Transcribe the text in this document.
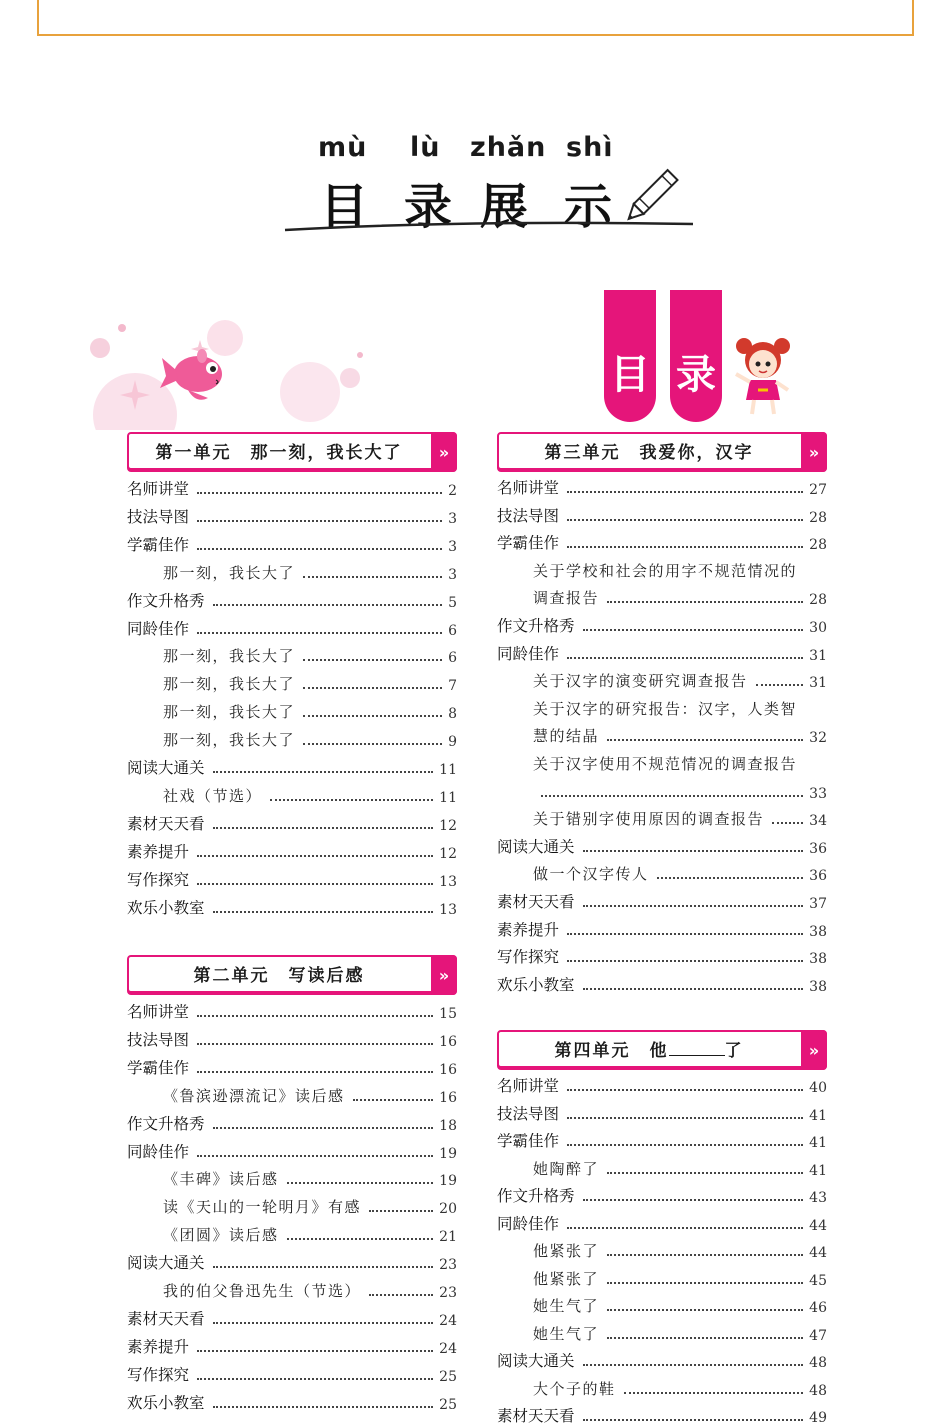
mù lù zhǎn shì
目 录 展 示
目 录
»
第一单元　那一刻，我长大了
»
第二单元　写读后感
»
第三单元　我爱你，汉字
»
第四单元　他	了
名师讲堂	2
技法导图	3
学霸佳作	3
那一刻，我长大了	3
作文升格秀	5
同龄佳作	6
那一刻，我长大了	6
那一刻，我长大了	7
那一刻，我长大了	8
那一刻，我长大了	9
阅读大通关	11
社戏（节选）	11
素材天天看	12
素养提升	12
写作探究	13
欢乐小教室	13
名师讲堂	15
技法导图	16
学霸佳作	16
《鲁滨逊漂流记》读后感	16
作文升格秀	18
同龄佳作	19
《丰碑》读后感	19
读《天山的一轮明月》有感	20
《团圆》读后感	21
阅读大通关	23
我的伯父鲁迅先生（节选）	23
素材天天看	24
素养提升	24
写作探究	25
欢乐小教室	25
名师讲堂	27
技法导图	28
学霸佳作	28
关于学校和社会的用字不规范情况的
调查报告	28
作文升格秀	30
同龄佳作	31
关于汉字的演变研究调查报告	31
关于汉字的研究报告：汉字，人类智
慧的结晶	32
关于汉字使用不规范情况的调查报告
33
关于错别字使用原因的调查报告	34
阅读大通关	36
做一个汉字传人	36
素材天天看	37
素养提升	38
写作探究	38
欢乐小教室	38
名师讲堂	40
技法导图	41
学霸佳作	41
她陶醉了	41
作文升格秀	43
同龄佳作	44
他紧张了	44
他紧张了	45
她生气了	46
她生气了	47
阅读大通关	48
大个子的鞋	48
素材天天看	49
